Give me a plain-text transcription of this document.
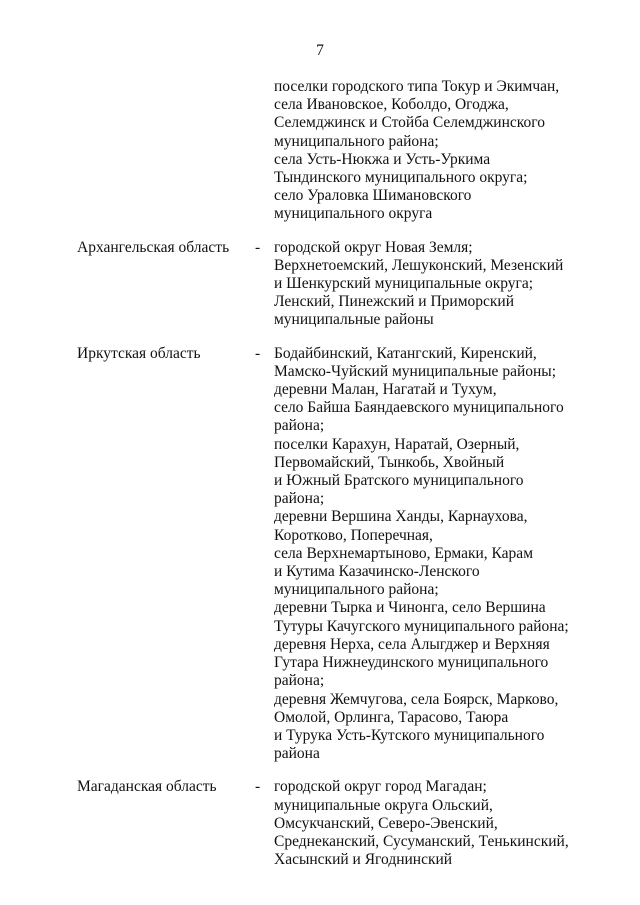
7
поселки городского типа Токур и Экимчан,
села Ивановское, Коболдо, Огоджа,
Селемджинск и Стойба Селемджинского
муниципального района;
села Усть-Нюкжа и Усть-Уркима
Тындинского муниципального округа;
село Ураловка Шимановского
муниципального округа
Архангельская область - городской округ Новая Земля;
Верхнетоемский, Лешуконский, Мезенский
и Шенкурский муниципальные округа;
Ленский, Пинежский и Приморский
муниципальные районы
Иркутская область	- Бодайбинский, Катангский, Киренский,
Мамско-Чуйский муниципальные районы;
деревни Малан, Нагатай и Тухум,
село Байша Баяндаевского муниципального
района;
поселки Карахун, Наратай, Озерный,
Первомайский, Тынкобь, Хвойный
и Южный Братского муниципального
района;
деревни Вершина Ханды, Карнаухова,
Коротково, Поперечная,
села Верхнемартыново, Ермаки, Карам
и Кутима Казачинско-Ленского
муниципального района;
деревни Тырка и Чинонга, село Вершина
Тутуры Качугского муниципального района;
деревня Нерха, села Алыгджер и Верхняя
Гутара Нижнеудинского муниципального
района;
деревня Жемчугова, села Боярск, Марково,
Омолой, Орлинга, Тарасово, Таюра
и Турука Усть-Кутского муниципального
района
Магаданская область - городской округ город Магадан;
муниципальные округа Ольский,
Омсукчанский, Северо-Эвенский,
Среднеканский, Сусуманский, Тенькинский,
Хасынский и Ягоднинский
